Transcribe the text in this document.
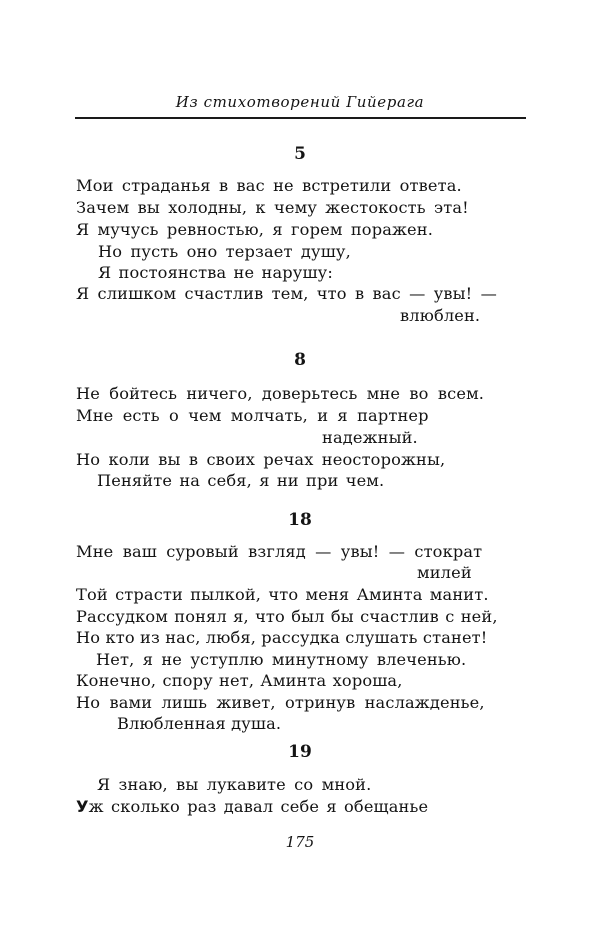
Из стихотворений Гийерага
5
Мои страданья в вас не встретили ответа.
Зачем вы холодны, к чему жестокость эта!
Я мучусь ревностью, я горем поражен.
Но пусть оно терзает душу,
Я постоянства не нарушу:
Я слишком счастлив тем, что в вас — увы! —
влюблен.
8
Не бойтесь ничего, доверьтесь мне во всем.
Мне есть о чем молчать, и я партнер
надежный.
Но коли вы в своих речах неосторожны,
Пеняйте на себя, я ни при чем.
18
Мне ваш суровый взгляд — увы! — стократ
милей
Той страсти пылкой, что меня Аминта манит.
Рассудком понял я, что был бы счастлив с ней,
Но кто из нас, любя, рассудка слушать станет!
Нет, я не уступлю минутному влеченью.
Конечно, спору нет, Аминта хороша,
Но вами лишь живет, отринув наслажденье,
Влюбленная душа.
19
Я знаю, вы лукавите со мной.
Уж сколько раз давал себе я обещанье
175
